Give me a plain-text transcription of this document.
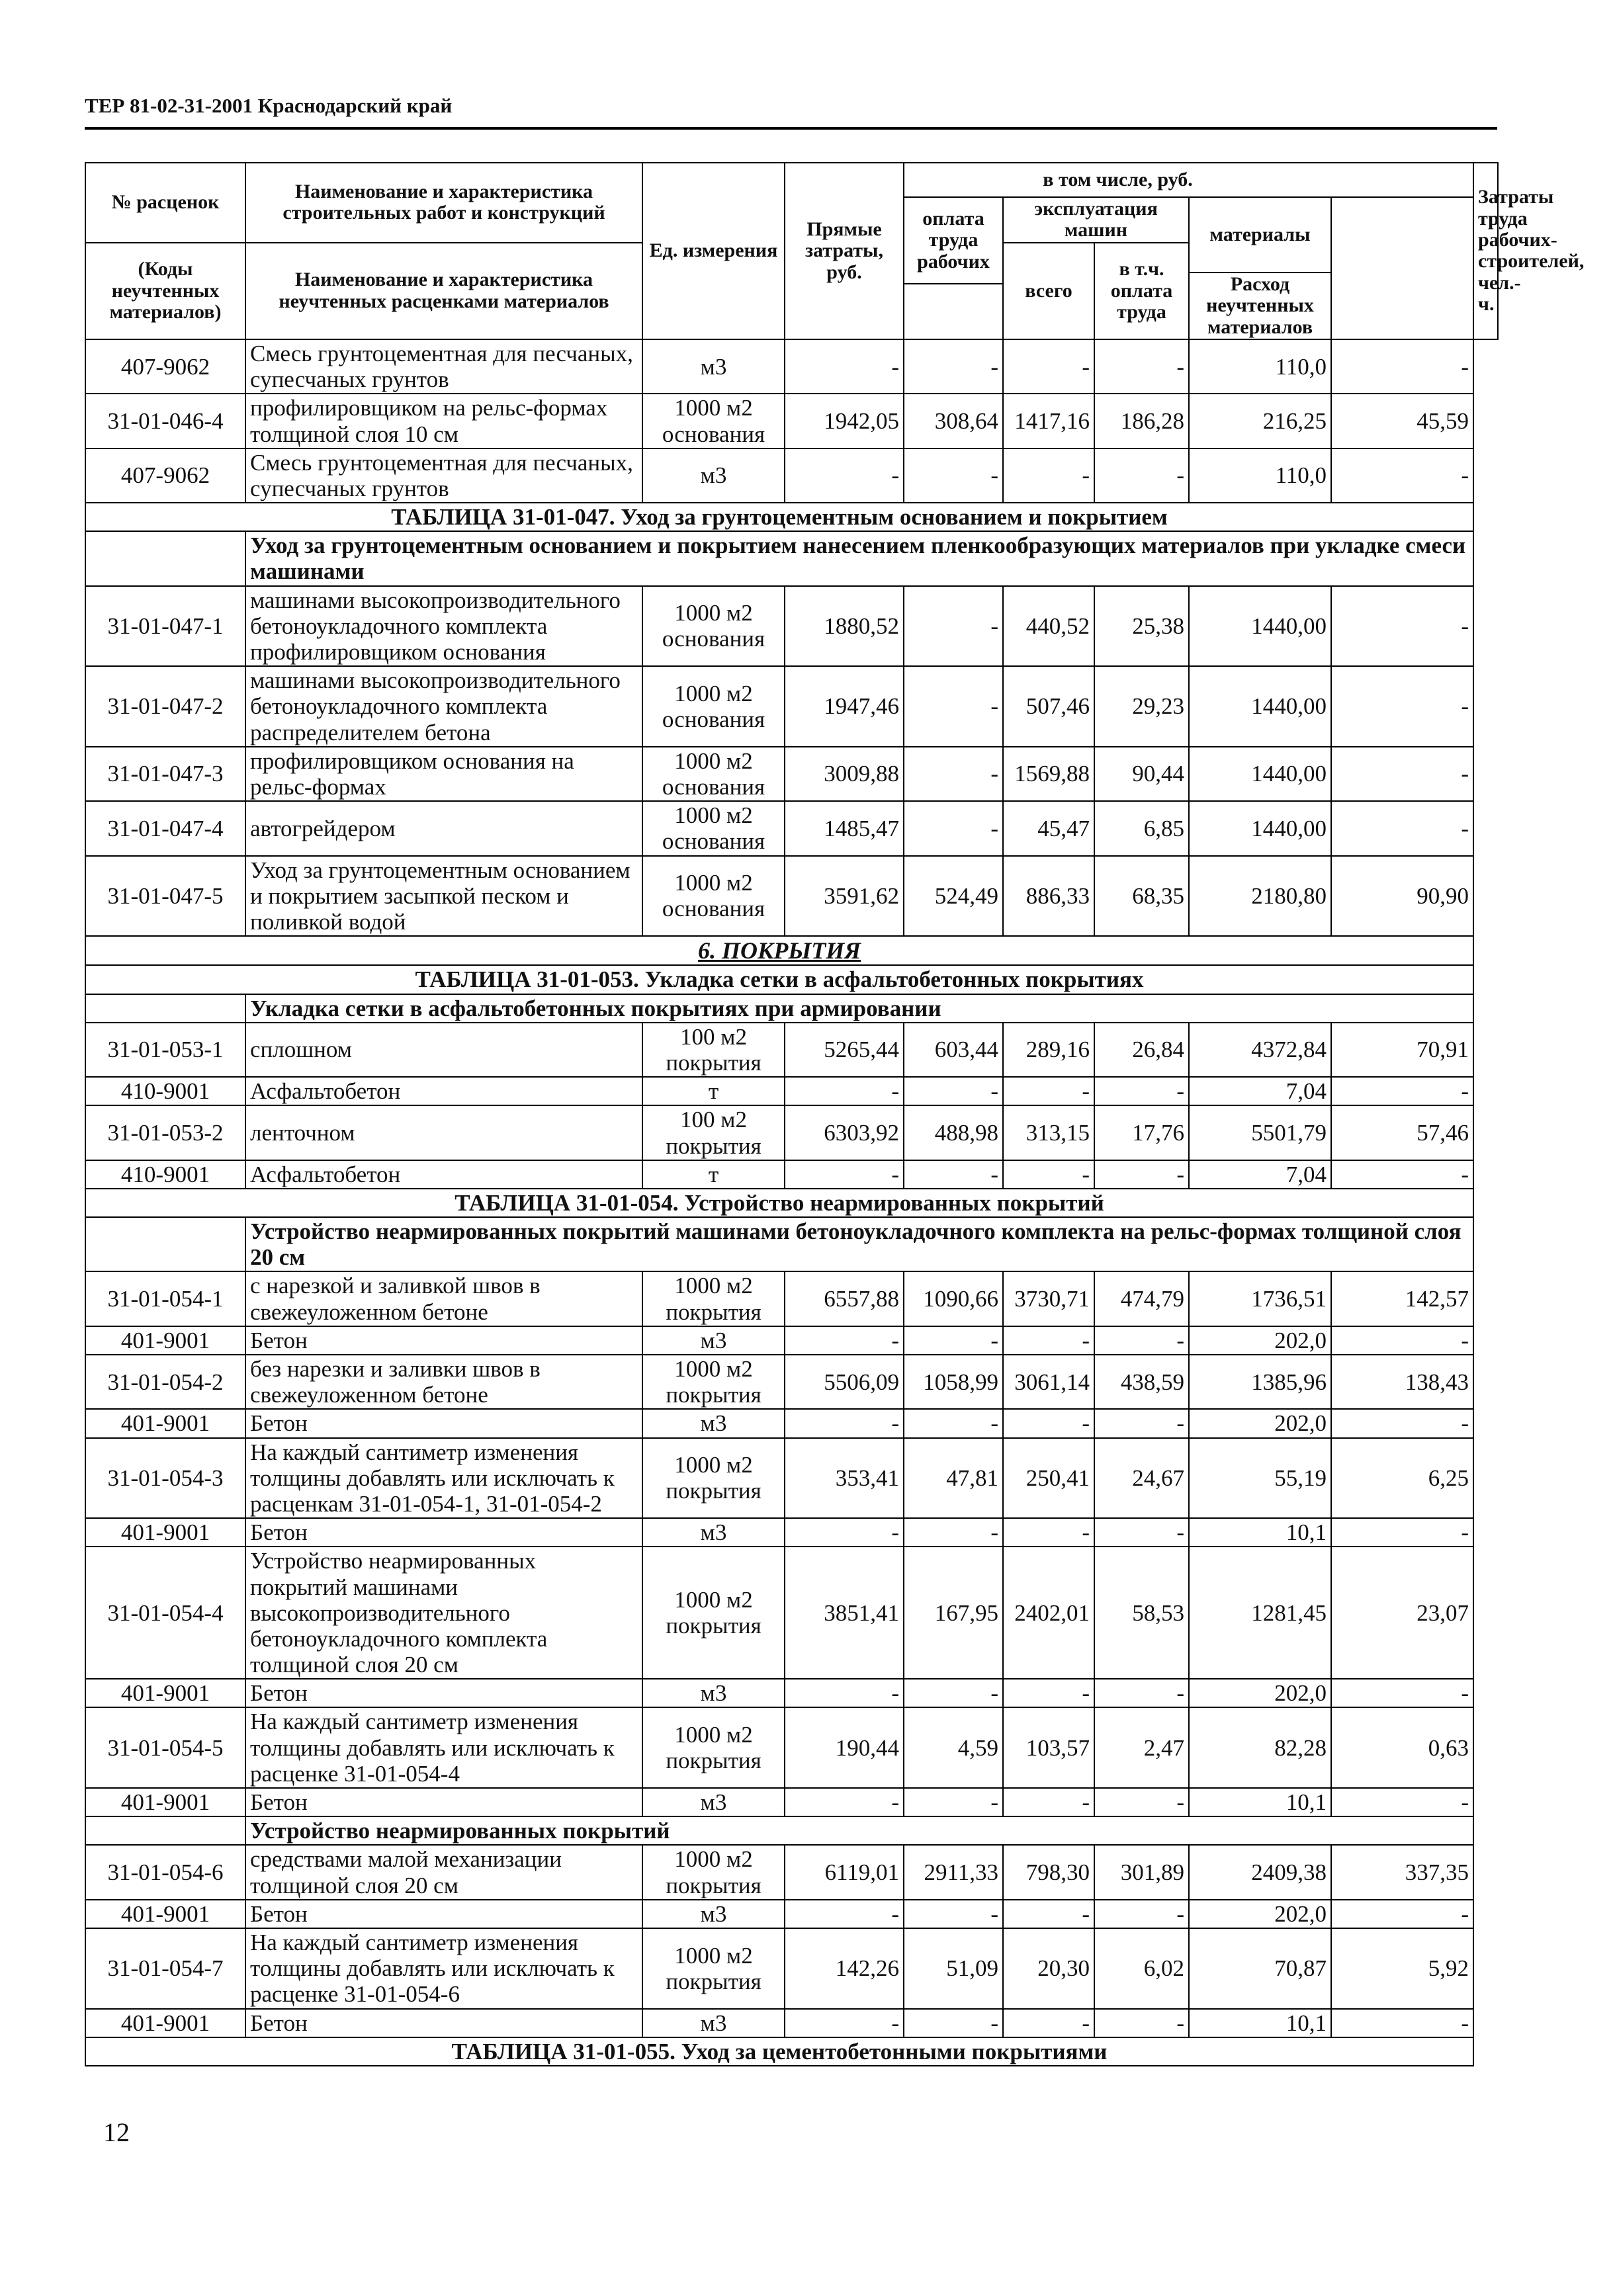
ТЕР 81-02-31-2001 Краснодарский край
№ расценок	Наименование и характеристика строительных работ и конструкций	Ед. измерения	Прямые затраты, руб.	в том числе, руб.					Затраты труда рабочих-строителей, чел.-ч.
				оплата труда рабочих	эксплуатация машин		материалы		

(Коды неучтенных материалов)	Наименование и характеристика неучтенных расценками материалов				всего	в т.ч. оплата труда			
							Расход неучтенных материалов		

407-9062	Смесь грунтоцементная для песчаных, супесчаных грунтов	м3	-	-	-	-	110,0	-	
31-01-046-4	профилировщиком на рельс-формах толщиной слоя 10 см	1000 м2 основания	1942,05	308,64	1417,16	186,28	216,25	45,59	
407-9062	Смесь грунтоцементная для песчаных, супесчаных грунтов	м3	-	-	-	-	110,0	-	
ТАБЛИЦА 31-01-047. Уход за грунтоцементным основанием и покрытием									
	Уход за грунтоцементным основанием и покрытием нанесением пленкообразующих материалов при укладке смеси машинами								
31-01-047-1	машинами высокопроизводительного бетоноукладочного комплекта профилировщиком основания	1000 м2 основания	1880,52	-	440,52	25,38	1440,00	-	
31-01-047-2	машинами высокопроизводительного бетоноукладочного комплекта распределителем бетона	1000 м2 основания	1947,46	-	507,46	29,23	1440,00	-	
31-01-047-3	профилировщиком основания на рельс-формах	1000 м2 основания	3009,88	-	1569,88	90,44	1440,00	-	
31-01-047-4	автогрейдером	1000 м2 основания	1485,47	-	45,47	6,85	1440,00	-	
31-01-047-5	Уход за грунтоцементным основанием и покрытием засыпкой песком и поливкой водой	1000 м2 основания	3591,62	524,49	886,33	68,35	2180,80	90,90	
6. ПОКРЫТИЯ									
ТАБЛИЦА 31-01-053. Укладка сетки в асфальтобетонных покрытиях									
	Укладка сетки в асфальтобетонных покрытиях при армировании								
31-01-053-1	сплошном	100 м2 покрытия	5265,44	603,44	289,16	26,84	4372,84	70,91	
410-9001	Асфальтобетон	т	-	-	-	-	7,04	-	
31-01-053-2	ленточном	100 м2 покрытия	6303,92	488,98	313,15	17,76	5501,79	57,46	
410-9001	Асфальтобетон	т	-	-	-	-	7,04	-	
ТАБЛИЦА 31-01-054. Устройство неармированных покрытий									
	Устройство неармированных покрытий машинами бетоноукладочного комплекта на рельс-формах толщиной слоя 20 см								
31-01-054-1	с нарезкой и заливкой швов в свежеуложенном бетоне	1000 м2 покрытия	6557,88	1090,66	3730,71	474,79	1736,51	142,57	
401-9001	Бетон	м3	-	-	-	-	202,0	-	
31-01-054-2	без нарезки и заливки швов в свежеуложенном бетоне	1000 м2 покрытия	5506,09	1058,99	3061,14	438,59	1385,96	138,43	
401-9001	Бетон	м3	-	-	-	-	202,0	-	
31-01-054-3	На каждый сантиметр изменения толщины добавлять или исключать к расценкам 31-01-054-1, 31-01-054-2	1000 м2 покрытия	353,41	47,81	250,41	24,67	55,19	6,25	
401-9001	Бетон	м3	-	-	-	-	10,1	-	
31-01-054-4	Устройство неармированных покрытий машинами высокопроизводительного бетоноукладочного комплекта толщиной слоя 20 см	1000 м2 покрытия	3851,41	167,95	2402,01	58,53	1281,45	23,07	
401-9001	Бетон	м3	-	-	-	-	202,0	-	
31-01-054-5	На каждый сантиметр изменения толщины добавлять или исключать к расценке 31-01-054-4	1000 м2 покрытия	190,44	4,59	103,57	2,47	82,28	0,63	
401-9001	Бетон	м3	-	-	-	-	10,1	-	
	Устройство неармированных покрытий								
31-01-054-6	средствами малой механизации толщиной слоя 20 см	1000 м2 покрытия	6119,01	2911,33	798,30	301,89	2409,38	337,35	
401-9001	Бетон	м3	-	-	-	-	202,0	-	
31-01-054-7	На каждый сантиметр изменения толщины добавлять или исключать к расценке 31-01-054-6	1000 м2 покрытия	142,26	51,09	20,30	6,02	70,87	5,92	
401-9001	Бетон	м3	-	-	-	-	10,1	-	
ТАБЛИЦА 31-01-055. Уход за цементобетонными покрытиями									
12
